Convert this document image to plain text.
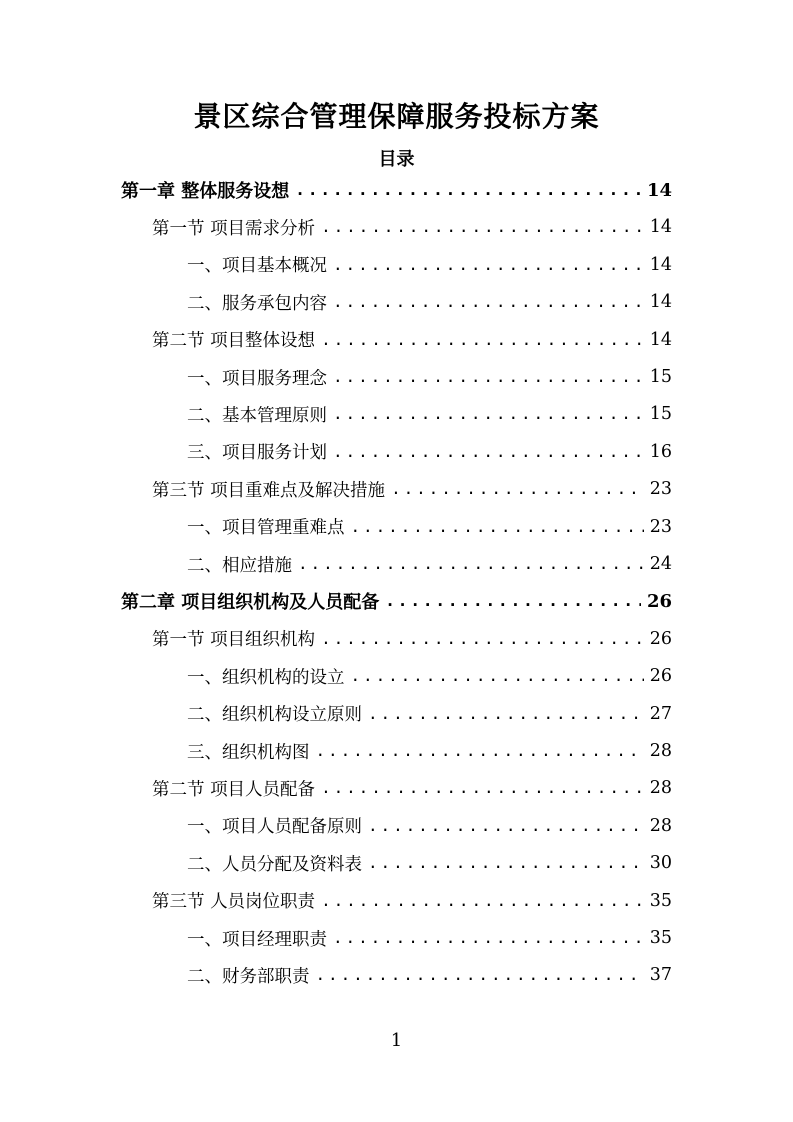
景区综合管理保障服务投标方案
目录
第一章 整体服务设想 .....	14
第一节 项目需求分析 .....	14
一、项目基本概况 .....	14
二、服务承包内容 .....	14
第二节 项目整体设想 .....	14
一、项目服务理念 .....	15
二、基本管理原则 .....	15
三、项目服务计划 .....	16
第三节 项目重难点及解决措施 .....	23
一、项目管理重难点 .....	23
二、相应措施 .....	24
第二章 项目组织机构及人员配备 .....	26
第一节 项目组织机构 .....	26
一、组织机构的设立 .....	26
二、组织机构设立原则 .....	27
三、组织机构图 .....	28
第二节 项目人员配备 .....	28
一、项目人员配备原则 .....	28
二、人员分配及资料表 .....	30
第三节 人员岗位职责 .....	35
一、项目经理职责 .....	35
二、财务部职责 .....	37
1
